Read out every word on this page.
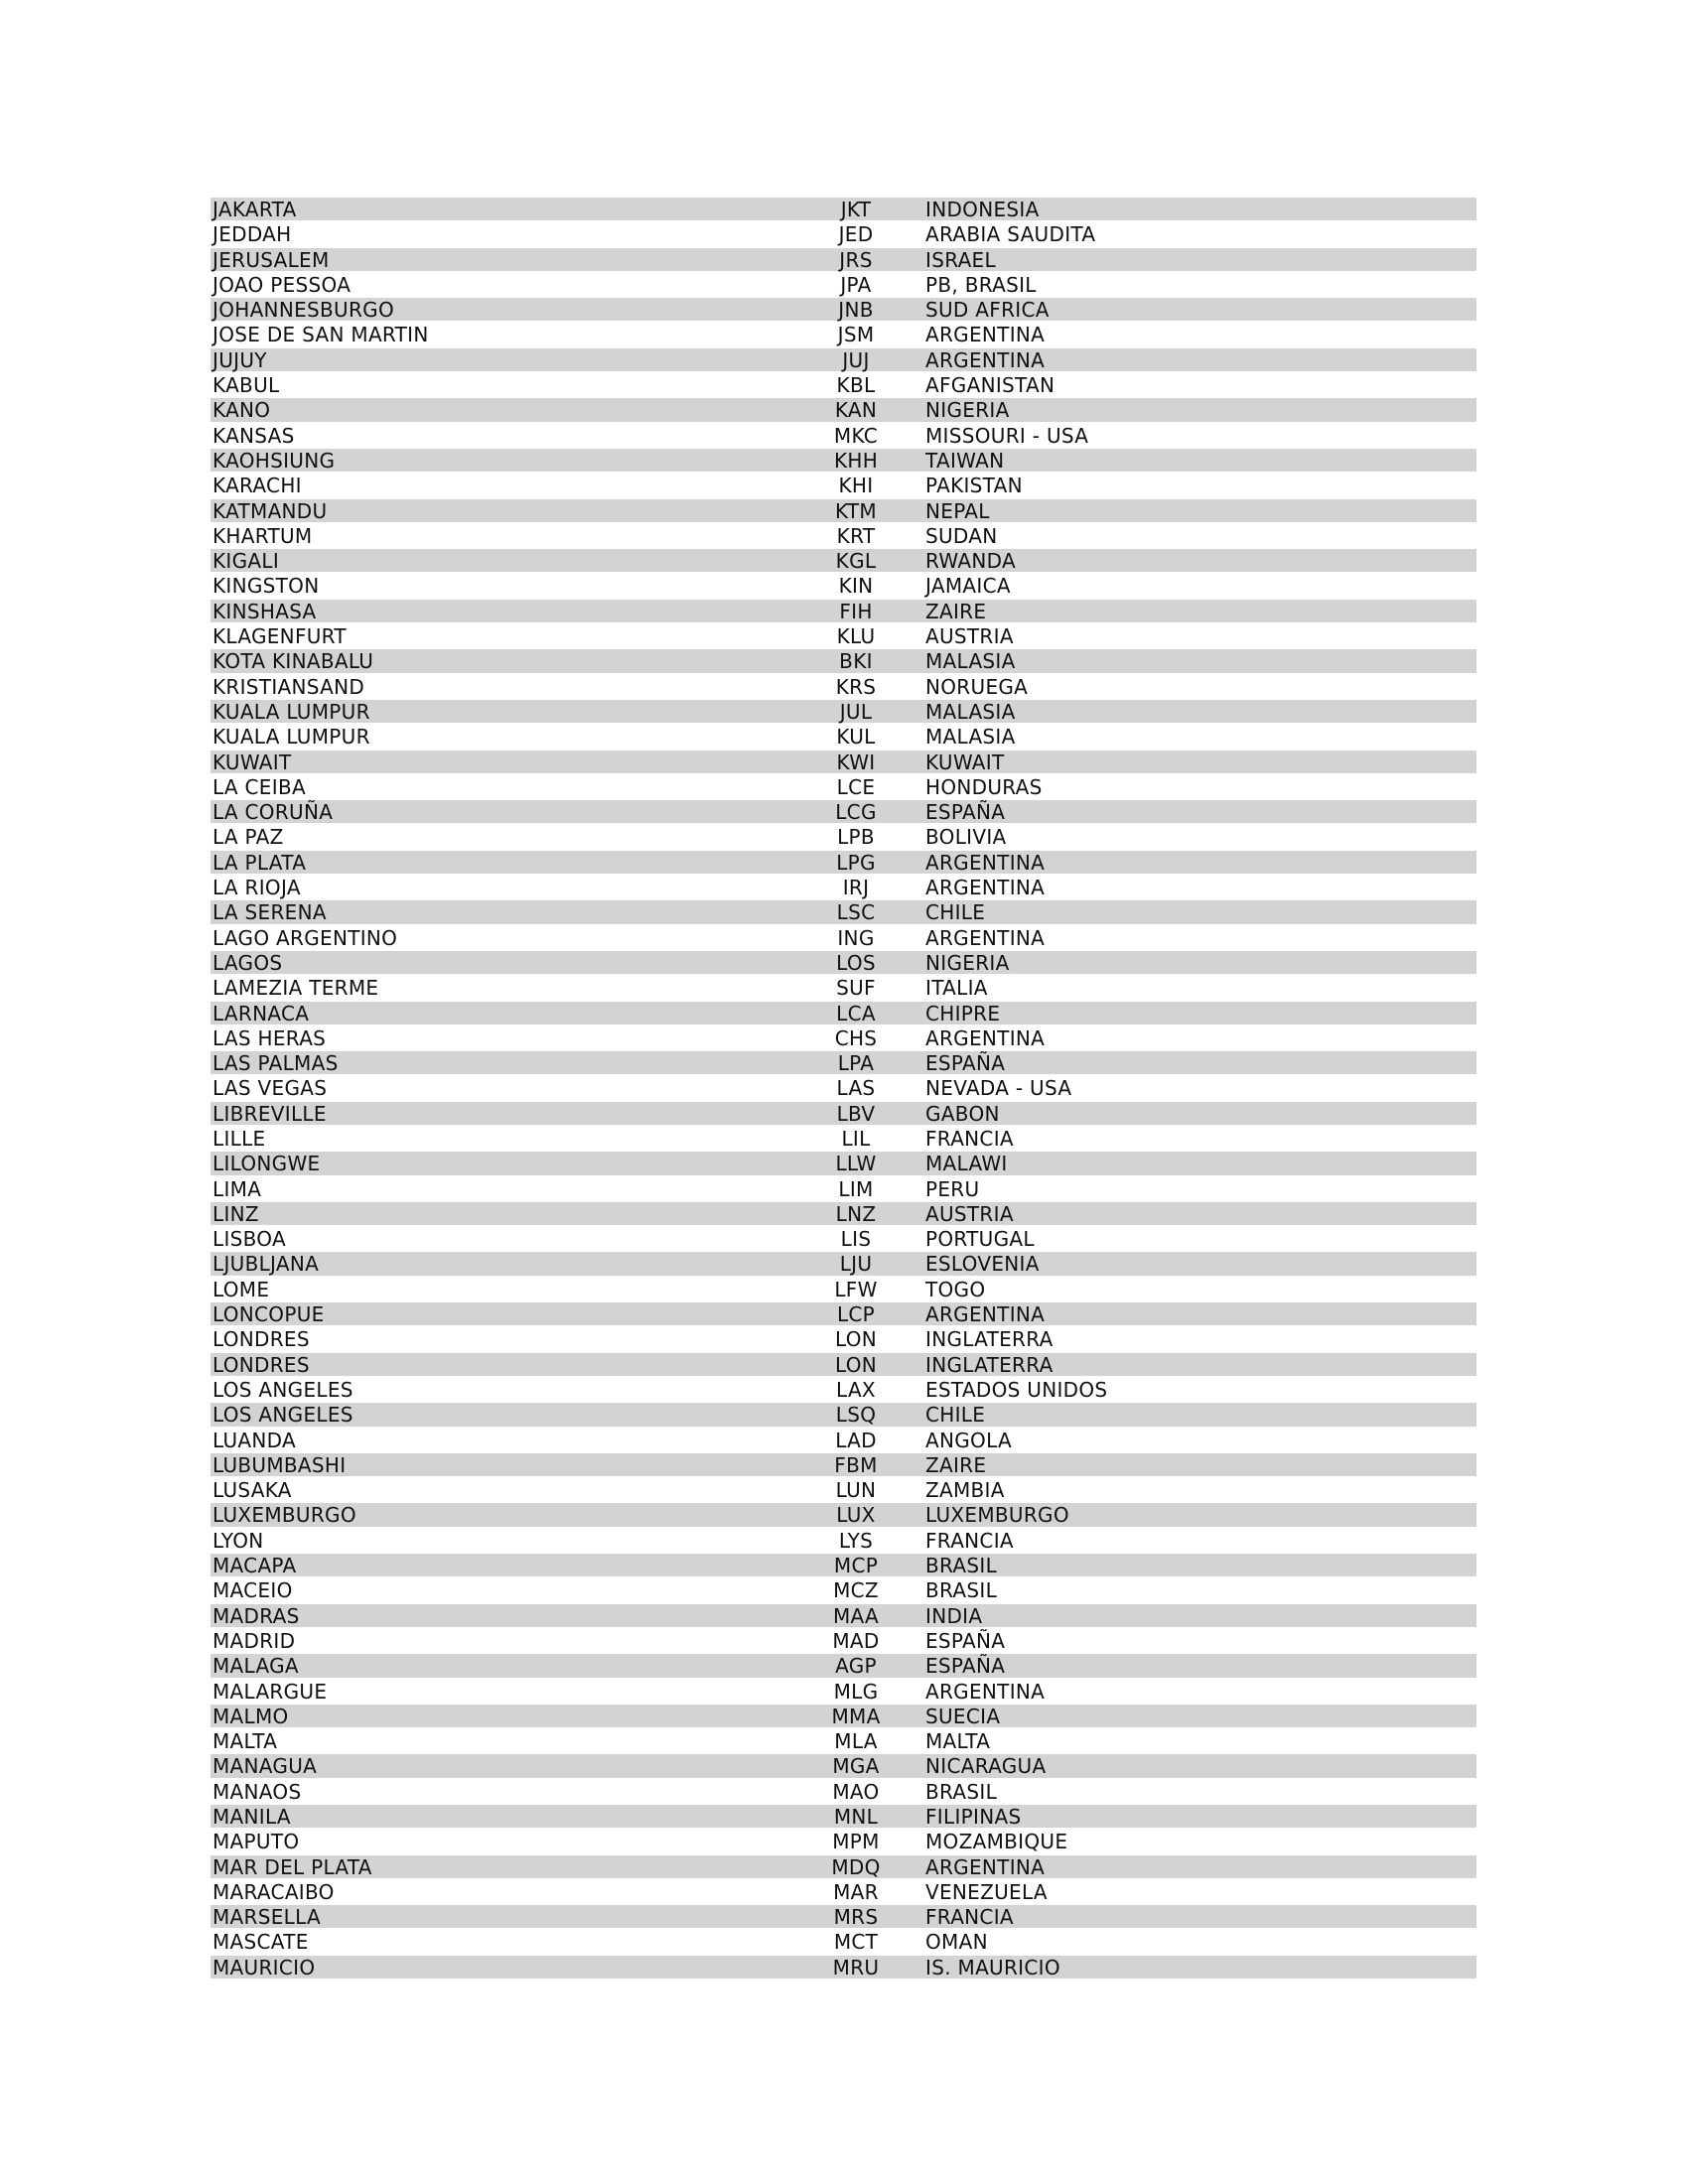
JAKARTA	JKT	INDONESIA
JEDDAH	JED	ARABIA SAUDITA
JERUSALEM	JRS	ISRAEL
JOAO PESSOA	JPA	PB, BRASIL
JOHANNESBURGO	JNB	SUD AFRICA
JOSE DE SAN MARTIN	JSM	ARGENTINA
JUJUY	JUJ	ARGENTINA
KABUL	KBL	AFGANISTAN
KANO	KAN	NIGERIA
KANSAS	MKC	MISSOURI - USA
KAOHSIUNG	KHH	TAIWAN
KARACHI	KHI	PAKISTAN
KATMANDU	KTM	NEPAL
KHARTUM	KRT	SUDAN
KIGALI	KGL	RWANDA
KINGSTON	KIN	JAMAICA
KINSHASA	FIH	ZAIRE
KLAGENFURT	KLU	AUSTRIA
KOTA KINABALU	BKI	MALASIA
KRISTIANSAND	KRS	NORUEGA
KUALA LUMPUR	JUL	MALASIA
KUALA LUMPUR	KUL	MALASIA
KUWAIT	KWI	KUWAIT
LA CEIBA	LCE	HONDURAS
LA CORUÑA	LCG	ESPAÑA
LA PAZ	LPB	BOLIVIA
LA PLATA	LPG	ARGENTINA
LA RIOJA	IRJ	ARGENTINA
LA SERENA	LSC	CHILE
LAGO ARGENTINO	ING	ARGENTINA
LAGOS	LOS	NIGERIA
LAMEZIA TERME	SUF	ITALIA
LARNACA	LCA	CHIPRE
LAS HERAS	CHS	ARGENTINA
LAS PALMAS	LPA	ESPAÑA
LAS VEGAS	LAS	NEVADA - USA
LIBREVILLE	LBV	GABON
LILLE	LIL	FRANCIA
LILONGWE	LLW	MALAWI
LIMA	LIM	PERU
LINZ	LNZ	AUSTRIA
LISBOA	LIS	PORTUGAL
LJUBLJANA	LJU	ESLOVENIA
LOME	LFW	TOGO
LONCOPUE	LCP	ARGENTINA
LONDRES	LON	INGLATERRA
LONDRES	LON	INGLATERRA
LOS ANGELES	LAX	ESTADOS UNIDOS
LOS ANGELES	LSQ	CHILE
LUANDA	LAD	ANGOLA
LUBUMBASHI	FBM	ZAIRE
LUSAKA	LUN	ZAMBIA
LUXEMBURGO	LUX	LUXEMBURGO
LYON	LYS	FRANCIA
MACAPA	MCP	BRASIL
MACEIO	MCZ	BRASIL
MADRAS	MAA	INDIA
MADRID	MAD	ESPAÑA
MALAGA	AGP	ESPAÑA
MALARGUE	MLG	ARGENTINA
MALMO	MMA	SUECIA
MALTA	MLA	MALTA
MANAGUA	MGA	NICARAGUA
MANAOS	MAO	BRASIL
MANILA	MNL	FILIPINAS
MAPUTO	MPM	MOZAMBIQUE
MAR DEL PLATA	MDQ	ARGENTINA
MARACAIBO	MAR	VENEZUELA
MARSELLA	MRS	FRANCIA
MASCATE	MCT	OMAN
MAURICIO	MRU	IS. MAURICIO
